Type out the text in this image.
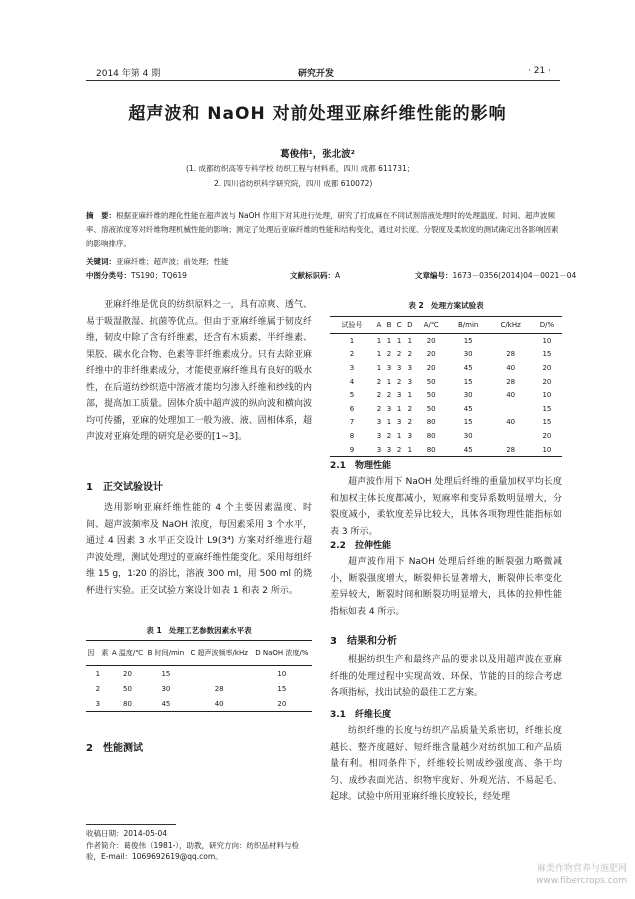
2014 年第 4 期	研究开发	· 21 ·
超声波和 NaOH 对前处理亚麻纤维性能的影响
葛俊伟¹，张北波²
(1. 成都纺织高等专科学校 纺织工程与材料系，四川 成都 611731；
2. 四川省纺织科学研究院，四川 成都 610072)
摘　要：根据亚麻纤维的理化性能在超声波与 NaOH 作用下对其进行处理，研究了打成麻在不同试剂溶液处理时的处理温度、时间、超声波频率、溶液浓度等对纤维物理机械性能的影响；测定了处理后亚麻纤维的性能和结构变化，通过对长度、分裂度及柔软度的测试确定出各影响因素的影响排序。
关键词：亚麻纤维；超声波；前处理；性能
中图分类号：TS190；TQ619	文献标识码：A	文章编号：1673－0356(2014)04－0021－04

亚麻纤维是优良的纺织原料之一，具有凉爽、透气、易于吸湿散湿、抗菌等优点。但由于亚麻纤维属于韧皮纤维，韧皮中除了含有纤维素，还含有木质素、半纤维素、果胶、碳水化合物、色素等非纤维素成分。只有去除亚麻纤维中的非纤维素成分，才能使亚麻纤维具有良好的吸水性，在后道纺纱织造中溶液才能均匀渗入纤维和纱线的内部，提高加工质量。固体介质中超声波的纵向波和横向波均可传播，亚麻的处理加工一般为液、液、固相体系，超声波对亚麻处理的研究是必要的[1~3]。

1　正交试验设计

选用影响亚麻纤维性能的 4 个主要因素温度、时间、超声波频率及 NaOH 浓度，每因素采用 3 个水平，通过 4 因素 3 水平正交设计 L9(3⁴) 方案对纤维进行超声波处理，测试处理过的亚麻纤维性能变化。采用每组纤维 15 g，1∶20 的浴比，溶液 300 ml，用 500 ml 的烧杯进行实验。正交试验方案设计如表 1 和表 2 所示。

表 1　处理工艺参数因素水平表
因　素	A 温度/℃	B 时间/min	C 超声波频率/kHz	D NaOH 浓度/%
1	20	15		10
2	50	30	28	15
3	80	45	40	20
2　性能测试
收稿日期：2014-05-04
作者简介：葛俊伟（1981-），助教，研究方向：纺织品材料与检验，E-mail：1069692619@qq.com。
表 2　处理方案试验表
试验号	A	B	C	D	A/℃	B/min	C/kHz	D/%
1	1	1	1	1	20	15		10
2	1	2	2	2	20	30	28	15
3	1	3	3	3	20	45	40	20
4	2	1	2	3	50	15	28	20
5	2	2	3	1	50	30	40	10
6	2	3	1	2	50	45		15
7	3	1	3	2	80	15	40	15
8	3	2	1	3	80	30		20
9	3	3	2	1	80	45	28	10
2.1　物理性能

超声波作用下 NaOH 处理后纤维的重量加权平均长度和加权主体长度都减小，短麻率和变异系数明显增大，分裂度减小，柔软度差异比较大，具体各项物理性能指标如表 3 所示。

2.2　拉伸性能

超声波作用下 NaOH 处理后纤维的断裂强力略微减小，断裂强度增大，断裂伸长显著增大，断裂伸长率变化差异较大，断裂时间和断裂功明显增大，具体的拉伸性能指标如表 4 所示。

3　结果和分析

根据纺织生产和最终产品的要求以及用超声波在亚麻纤维的处理过程中实现高效、环保、节能的目的综合考虑各项指标，找出试验的最佳工艺方案。

3.1　纤维长度

纺织纤维的长度与纺织产品质量关系密切，纤维长度越长、整齐度越好、短纤维含量越少对纺织加工和产品质量有利。相同条件下，纤维较长则成纱强度高、条干均匀、成纱表面光洁、织物牢度好、外观光洁、不易起毛、起球。试验中所用亚麻纤维长度较长，经处理

麻类作物营养与施肥网
www.fibercrops.com
